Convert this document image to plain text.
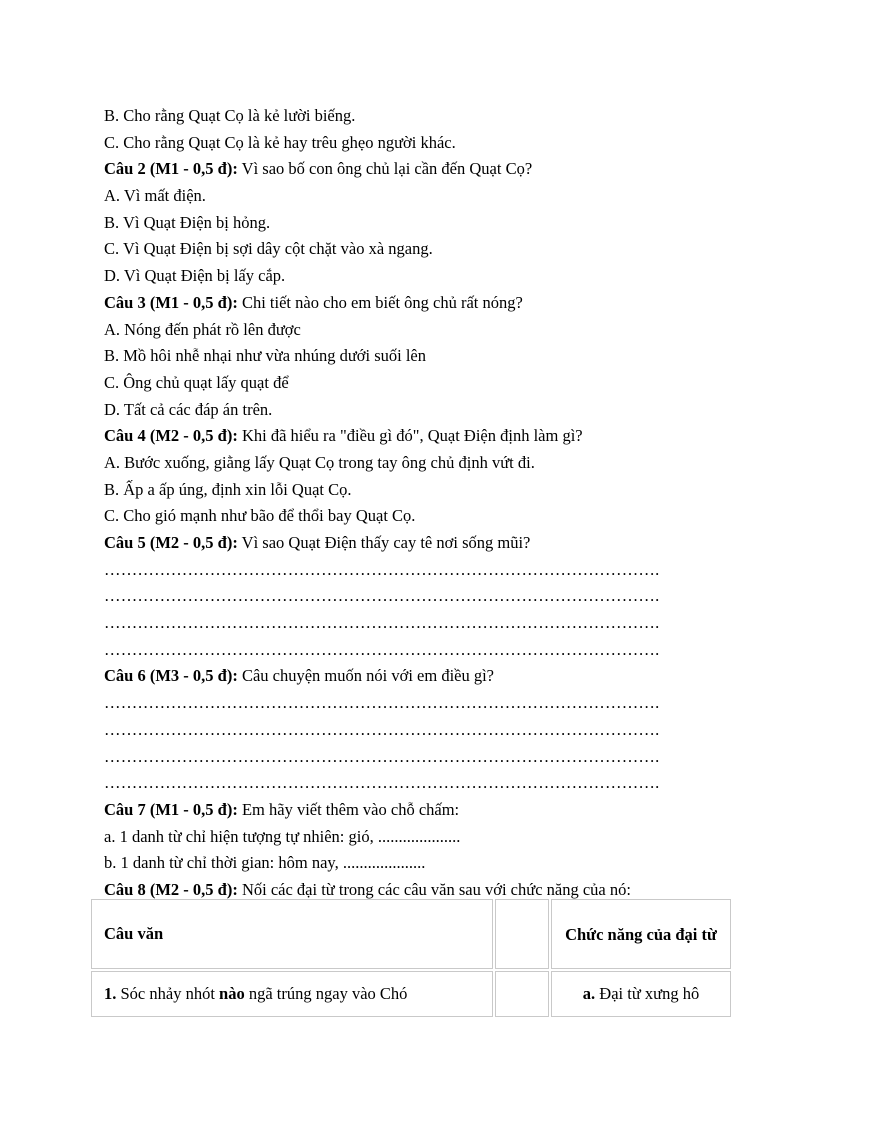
B. Cho rằng Quạt Cọ là kẻ lười biếng.
C. Cho rằng Quạt Cọ là kẻ hay trêu ghẹo người khác.
Câu 2 (M1 - 0,5 đ): Vì sao bố con ông chủ lại cần đến Quạt Cọ?
A. Vì mất điện.
B. Vì Quạt Điện bị hỏng.
C. Vì Quạt Điện bị sợi dây cột chặt vào xà ngang.
D. Vì Quạt Điện bị lấy cắp.
Câu 3 (M1 - 0,5 đ): Chi tiết nào cho em biết ông chủ rất nóng?
A. Nóng đến phát rồ lên được
B. Mồ hôi nhễ nhại như vừa nhúng dưới suối lên
C. Ông chủ quạt lấy quạt để
D. Tất cả các đáp án trên.
Câu 4 (M2 - 0,5 đ): Khi đã hiểu ra "điều gì đó", Quạt Điện định làm gì?
A. Bước xuống, giằng lấy Quạt Cọ trong tay ông chủ định vứt đi.
B. Ấp a ấp úng, định xin lỗi Quạt Cọ.
C. Cho gió mạnh như bão để thổi bay Quạt Cọ.
Câu 5 (M2 - 0,5 đ): Vì sao Quạt Điện thấy cay tê nơi sống mũi?
……………………………………………………………………………………….
……………………………………………………………………………………….
……………………………………………………………………………………….
……………………………………………………………………………………….
Câu 6 (M3 - 0,5 đ): Câu chuyện muốn nói với em điều gì?
……………………………………………………………………………………….
……………………………………………………………………………………….
……………………………………………………………………………………….
……………………………………………………………………………………….
Câu 7 (M1 - 0,5 đ): Em hãy viết thêm vào chỗ chấm:
a. 1 danh từ chỉ hiện tượng tự nhiên: gió, ....................
b. 1 danh từ chỉ thời gian: hôm nay, ....................
Câu 8 (M2 - 0,5 đ): Nối các đại từ trong các câu văn sau với chức năng của nó:
Câu văn		Chức năng của đại từ
1. Sóc nhảy nhót nào ngã trúng ngay vào Chó		a. Đại từ xưng hô
